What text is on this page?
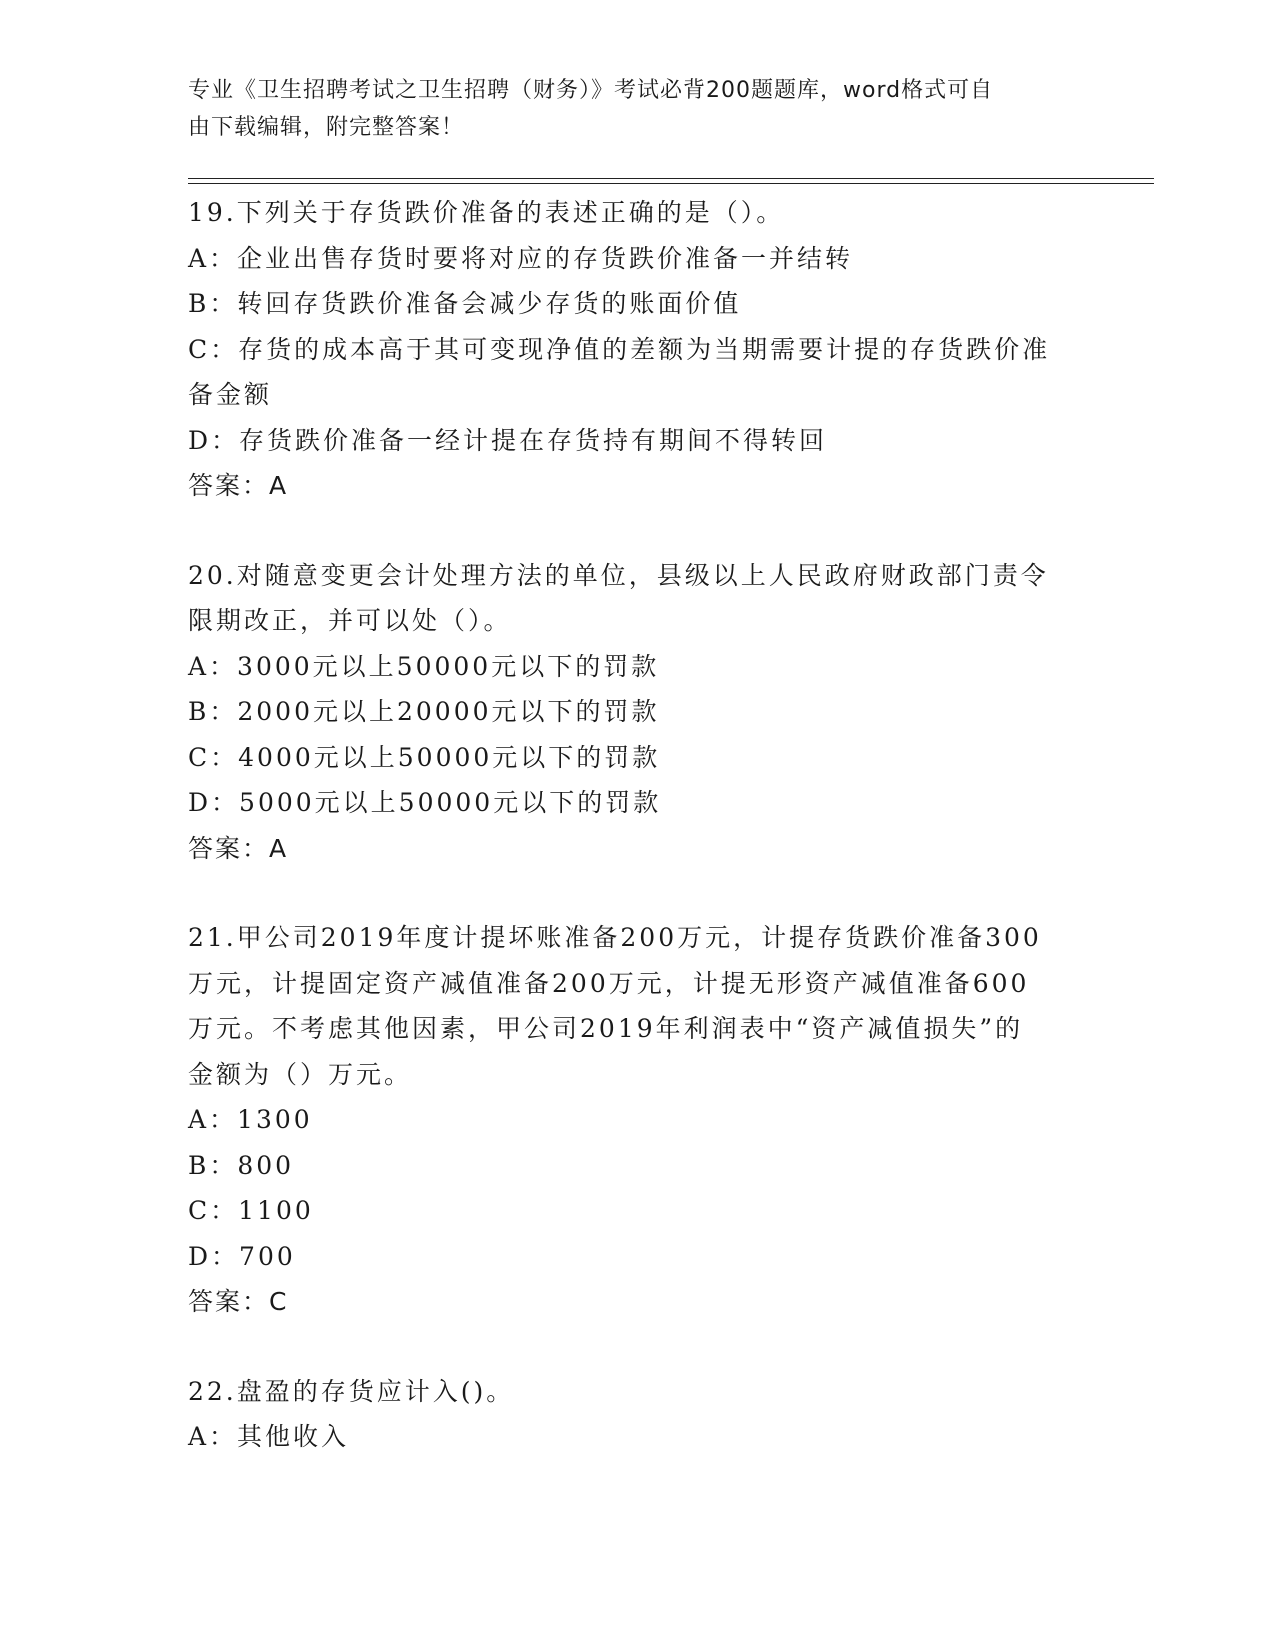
专业《卫生招聘考试之卫生招聘（财务）》考试必背200题题库，word格式可自
由下载编辑，附完整答案！
19.下列关于存货跌价准备的表述正确的是（）。
A：企业出售存货时要将对应的存货跌价准备一并结转
B：转回存货跌价准备会减少存货的账面价值
C：存货的成本高于其可变现净值的差额为当期需要计提的存货跌价准
备金额
D：存货跌价准备一经计提在存货持有期间不得转回
答案：A
20.对随意变更会计处理方法的单位，县级以上人民政府财政部门责令
限期改正，并可以处（）。
A：3000元以上50000元以下的罚款
B：2000元以上20000元以下的罚款
C：4000元以上50000元以下的罚款
D：5000元以上50000元以下的罚款
答案：A
21.甲公司2019年度计提坏账准备200万元，计提存货跌价准备300
万元，计提固定资产减值准备200万元，计提无形资产减值准备600
万元。不考虑其他因素，甲公司2019年利润表中“资产减值损失”的
金额为（）万元。
A：1300
B：800
C：1100
D：700
答案：C
22.盘盈的存货应计入()。
A：其他收入
